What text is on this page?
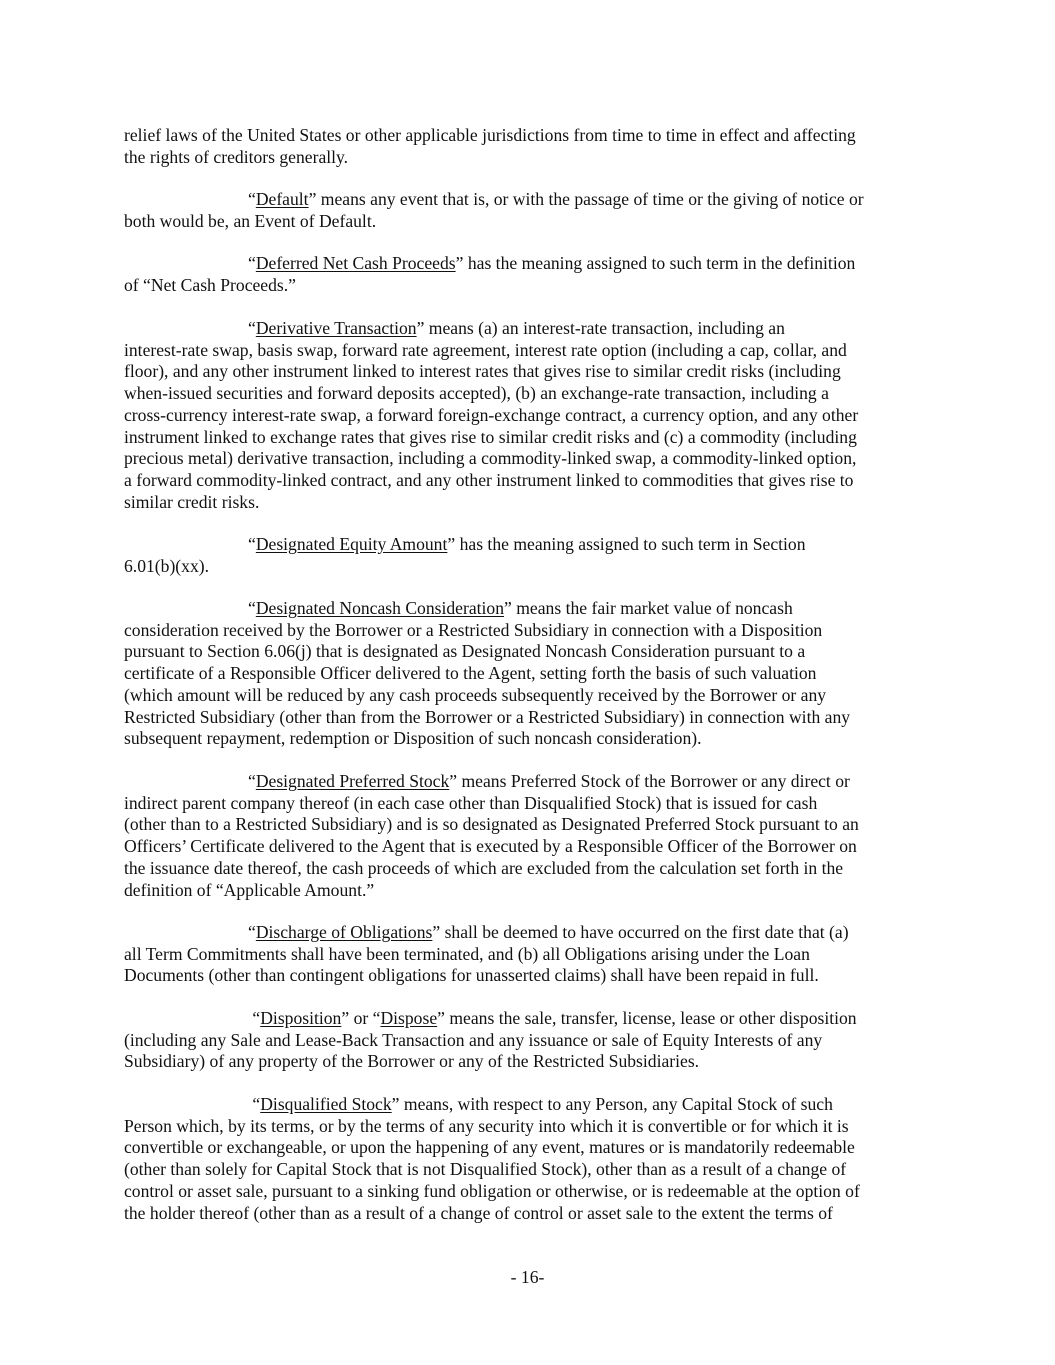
relief laws of the United States or other applicable jurisdictions from time to time in effect and affecting
the rights of creditors generally.
“Default” means any event that is, or with the passage of time or the giving of notice or
both would be, an Event of Default.
“Deferred Net Cash Proceeds” has the meaning assigned to such term in the definition
of “Net Cash Proceeds.”
“Derivative Transaction” means (a) an interest-rate transaction, including an
interest-rate swap, basis swap, forward rate agreement, interest rate option (including a cap, collar, and
floor), and any other instrument linked to interest rates that gives rise to similar credit risks (including
when-issued securities and forward deposits accepted), (b) an exchange-rate transaction, including a
cross-currency interest-rate swap, a forward foreign-exchange contract, a currency option, and any other
instrument linked to exchange rates that gives rise to similar credit risks and (c) a commodity (including
precious metal) derivative transaction, including a commodity-linked swap, a commodity-linked option,
a forward commodity-linked contract, and any other instrument linked to commodities that gives rise to
similar credit risks.
“Designated Equity Amount” has the meaning assigned to such term in Section
6.01(b)(xx).
“Designated Noncash Consideration” means the fair market value of noncash
consideration received by the Borrower or a Restricted Subsidiary in connection with a Disposition
pursuant to Section 6.06(j) that is designated as Designated Noncash Consideration pursuant to a
certificate of a Responsible Officer delivered to the Agent, setting forth the basis of such valuation
(which amount will be reduced by any cash proceeds subsequently received by the Borrower or any
Restricted Subsidiary (other than from the Borrower or a Restricted Subsidiary) in connection with any
subsequent repayment, redemption or Disposition of such noncash consideration).
“Designated Preferred Stock” means Preferred Stock of the Borrower or any direct or
indirect parent company thereof (in each case other than Disqualified Stock) that is issued for cash
(other than to a Restricted Subsidiary) and is so designated as Designated Preferred Stock pursuant to an
Officers’ Certificate delivered to the Agent that is executed by a Responsible Officer of the Borrower on
the issuance date thereof, the cash proceeds of which are excluded from the calculation set forth in the
definition of “Applicable Amount.”
“Discharge of Obligations” shall be deemed to have occurred on the first date that (a)
all Term Commitments shall have been terminated, and (b) all Obligations arising under the Loan
Documents (other than contingent obligations for unasserted claims) shall have been repaid in full.
“Disposition” or “Dispose” means the sale, transfer, license, lease or other disposition
(including any Sale and Lease-Back Transaction and any issuance or sale of Equity Interests of any
Subsidiary) of any property of the Borrower or any of the Restricted Subsidiaries.
“Disqualified Stock” means, with respect to any Person, any Capital Stock of such
Person which, by its terms, or by the terms of any security into which it is convertible or for which it is
convertible or exchangeable, or upon the happening of any event, matures or is mandatorily redeemable
(other than solely for Capital Stock that is not Disqualified Stock), other than as a result of a change of
control or asset sale, pursuant to a sinking fund obligation or otherwise, or is redeemable at the option of
the holder thereof (other than as a result of a change of control or asset sale to the extent the terms of
- 16-
